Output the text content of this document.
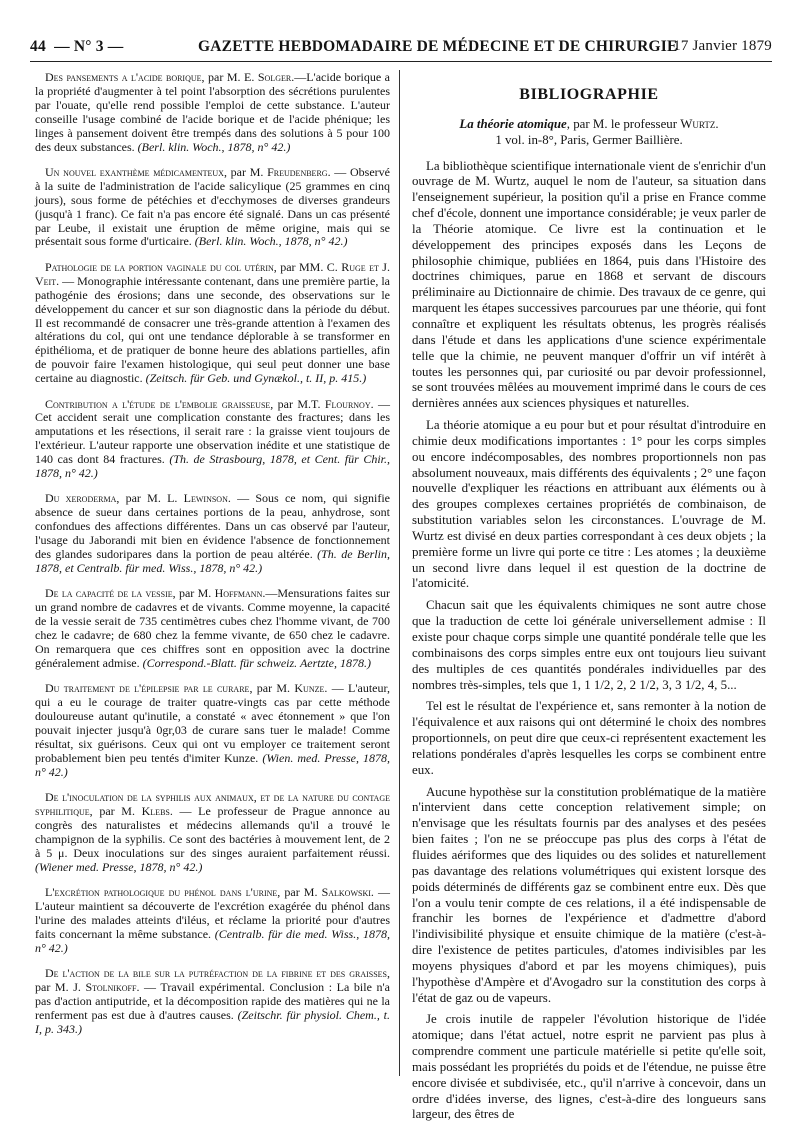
44 — N° 3 —	GAZETTE HEBDOMADAIRE DE MÉDECINE ET DE CHIRURGIE
17 Janvier 1879

Des pansements a l'acide borique, par M. E. Solger.—L'acide borique a la propriété d'augmenter à tel point l'absorption des sécrétions purulentes par l'ouate, qu'elle rend possible l'emploi de cette substance. L'auteur conseille l'usage combiné de l'acide borique et de l'acide phénique; les linges à pansement doivent être trempés dans des solutions à 5 pour 100 des deux substances. (Berl. klin. Woch., 1878, n° 42.)

Un nouvel exanthème médicamenteux, par M. Freudenberg. — Observé à la suite de l'administration de l'acide salicylique (25 grammes en cinq jours), sous forme de pétéchies et d'ecchymoses de diverses grandeurs (jusqu'à 1 franc). Ce fait n'a pas encore été signalé. Dans un cas présenté par Leube, il existait une éruption de même origine, mais qui se présentait sous forme d'urticaire. (Berl. klin. Woch., 1878, n° 42.)

Pathologie de la portion vaginale du col utérin, par MM. C. Ruge et J. Veit. — Monographie intéressante contenant, dans une première partie, la pathogénie des érosions; dans une seconde, des observations sur le développement du cancer et sur son diagnostic dans la période du début. Il est recommandé de consacrer une très-grande attention à l'examen des altérations du col, qui ont une tendance déplorable à se transformer en épithélioma, et de pratiquer de bonne heure des ablations partielles, afin de pouvoir faire l'examen histologique, qui seul peut donner une base certaine au diagnostic. (Zeitsch. für Geb. und Gynækol., t. II, p. 415.)

Contribution a l'étude de l'embolie graisseuse, par M.T. Flournoy. — Cet accident serait une complication constante des fractures; dans les amputations et les résections, il serait rare : la graisse vient toujours de l'extérieur. L'auteur rapporte une observation inédite et une statistique de 140 cas dont 84 fractures. (Th. de Strasbourg, 1878, et Cent. für Chir., 1878, n° 42.)

Du xeroderma, par M. L. Lewinson. — Sous ce nom, qui signifie absence de sueur dans certaines portions de la peau, anhydrose, sont confondues des affections différentes. Dans un cas observé par l'auteur, l'usage du Jaborandi mit bien en évidence l'absence de fonctionnement des glandes sudoripares dans la portion de peau altérée. (Th. de Berlin, 1878, et Centralb. für med. Wiss., 1878, n° 42.)

De la capacité de la vessie, par M. Hoffmann.—Mensurations faites sur un grand nombre de cadavres et de vivants. Comme moyenne, la capacité de la vessie serait de 735 centimètres cubes chez l'homme vivant, de 700 chez le cadavre; de 680 chez la femme vivante, de 650 chez le cadavre. On remarquera que ces chiffres sont en opposition avec la doctrine généralement admise. (Correspond.-Blatt. für schweiz. Aertzte, 1878.)

Du traitement de l'épilepsie par le curare, par M. Kunze. — L'auteur, qui a eu le courage de traiter quatre-vingts cas par cette méthode douloureuse autant qu'inutile, a constaté « avec étonnement » que l'on pouvait injecter jusqu'à 0gr,03 de curare sans tuer le malade! Comme résultat, six guérisons. Ceux qui ont vu employer ce traitement seront probablement bien peu tentés d'imiter Kunze. (Wien. med. Presse, 1878, n° 42.)

De l'inoculation de la syphilis aux animaux, et de la nature du contage syphilitique, par M. Klebs. — Le professeur de Prague annonce au congrès des naturalistes et médecins allemands qu'il a trouvé le champignon de la syphilis. Ce sont des bactéries à mouvement lent, de 2 à 5 μ. Deux inoculations sur des singes auraient parfaitement réussi. (Wiener med. Presse, 1878, n° 42.)

L'excrétion pathologique du phénol dans l'urine, par M. Salkowski. — L'auteur maintient sa découverte de l'excrétion exagérée du phénol dans l'urine des malades atteints d'iléus, et réclame la priorité pour d'autres faits concernant la même substance. (Centralb. für die med. Wiss., 1878, n° 42.)

De l'action de la bile sur la putréfaction de la fibrine et des graisses, par M. J. Stolnikoff. — Travail expérimental. Conclusion : La bile n'a pas d'action antiputride, et la décomposition rapide des matières qui ne la renferment pas est due à d'autres causes. (Zeitschr. für physiol. Chem., t. I, p. 343.)

BIBLIOGRAPHIE

La théorie atomique, par M. le professeur Wurtz.

1 vol. in-8°, Paris, Germer Baillière.

La bibliothèque scientifique internationale vient de s'enrichir d'un ouvrage de M. Wurtz, auquel le nom de l'auteur, sa situation dans l'enseignement supérieur, la position qu'il a prise en France comme chef d'école, donnent une importance considérable; je veux parler de la Théorie atomique. Ce livre est la continuation et le développement des principes exposés dans les Leçons de philosophie chimique, publiées en 1864, puis dans l'Histoire des doctrines chimiques, parue en 1868 et servant de discours préliminaire au Dictionnaire de chimie. Des travaux de ce genre, qui marquent les étapes successives parcourues par une théorie, qui font connaître et expliquent les résultats obtenus, les progrès réalisés dans l'étude et dans les applications d'une science expérimentale telle que la chimie, ne peuvent manquer d'offrir un vif intérêt à toutes les personnes qui, par curiosité ou par devoir professionnel, se sont trouvées mêlées au mouvement imprimé dans le cours de ces dernières années aux sciences physiques et naturelles.

La théorie atomique a eu pour but et pour résultat d'introduire en chimie deux modifications importantes : 1° pour les corps simples ou encore indécomposables, des nombres proportionnels non pas absolument nouveaux, mais différents des équivalents ; 2° une façon nouvelle d'expliquer les réactions en attribuant aux éléments ou à des groupes complexes certaines propriétés de combinaison, de substitution variables selon les circonstances. L'ouvrage de M. Wurtz est divisé en deux parties correspondant à ces deux objets ; la première forme un livre qui porte ce titre : Les atomes ; la deuxième un second livre dans lequel il est question de la doctrine de l'atomicité.

Chacun sait que les équivalents chimiques ne sont autre chose que la traduction de cette loi générale universellement admise : Il existe pour chaque corps simple une quantité pondérale telle que les combinaisons des corps simples entre eux ont toujours lieu suivant des multiples de ces quantités pondérales individuelles par des nombres très-simples, tels que 1, 1 1/2, 2, 2 1/2, 3, 3 1/2, 4, 5...

Tel est le résultat de l'expérience et, sans remonter à la notion de l'équivalence et aux raisons qui ont déterminé le choix des nombres proportionnels, on peut dire que ceux-ci représentent exactement les relations pondérales d'après lesquelles les corps se combinent entre eux.

Aucune hypothèse sur la constitution problématique de la matière n'intervient dans cette conception relativement simple; on n'envisage que les résultats fournis par des analyses et des pesées bien faites ; l'on ne se préoccupe pas plus des corps à l'état de fluides aériformes que des liquides ou des solides et naturellement pas davantage des relations volumétriques qui existent lorsque des poids déterminés de différents gaz se combinent entre eux. Dès que l'on a voulu tenir compte de ces relations, il a été indispensable de franchir les bornes de l'expérience et d'admettre d'abord l'indivisibilité physique et ensuite chimique de la matière (c'est-à-dire l'existence de petites particules, d'atomes indivisibles par les moyens physiques d'abord et par les moyens chimiques), puis l'hypothèse d'Ampère et d'Avogadro sur la constitution des corps à l'état de gaz ou de vapeurs.

Je crois inutile de rappeler l'évolution historique de l'idée atomique; dans l'état actuel, notre esprit ne parvient pas plus à comprendre comment une particule matérielle si petite qu'elle soit, mais possédant les propriétés du poids et de l'étendue, ne puisse être encore divisée et subdivisée, etc., qu'il n'arrive à concevoir, dans un ordre d'idées inverse, des lignes, c'est-à-dire des longueurs sans largeur, des êtres de
